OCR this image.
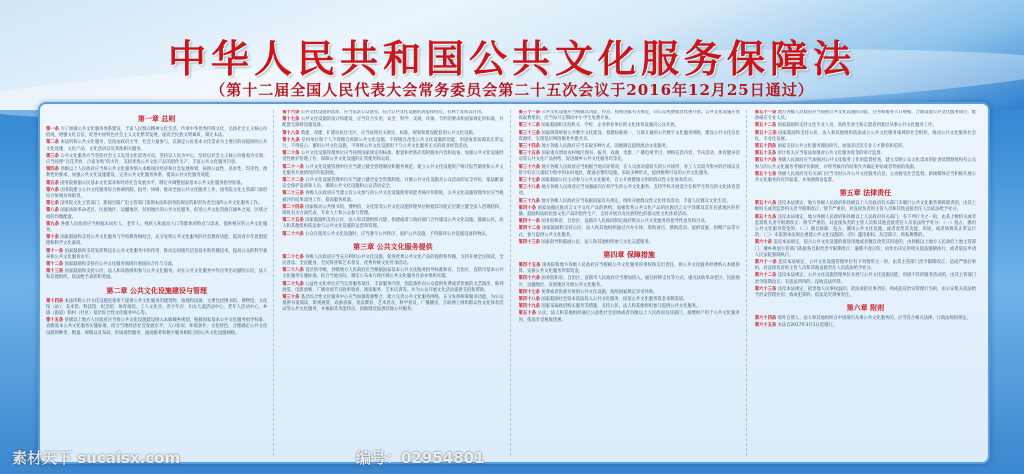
中华人民共和国公共文化服务保障法
（第十二届全国人民代表大会常务委员会第二十五次会议于2016年12月25日通过）
第一章 总则

第一条 为了加强公共文化服务体系建设，丰富人民群众精神文化生活，传承中华优秀传统文化，弘扬社会主义核心价值观，增强文化自信，促进中国特色社会主义文化繁荣发展，提高全民族文明素质，制定本法。

第二条 本法所称公共文化服务，是指由政府主导、社会力量参与，以满足公民基本文化需求为主要目的而提供的公共文化设施、文化产品、文化活动以及其他相关服务。

第三条 公共文化服务应当坚持社会主义先进文化前进方向，坚持以人民为中心，坚持以社会主义核心价值观为引领；应当按照“百花齐放、百家争鸣”的方针，支持优秀公共文化产品的创作生产，丰富公共文化服务内容。

第四条 县级以上人民政府应当将公共文化服务纳入本级国民经济和社会发展规划，按照公益性、基本性、均等性、便利性的要求，加强公共文化设施建设，完善公共文化服务体系，提高公共文化服务效能。

第五条 国务院根据公民基本文化需求和经济社会发展水平，制定并调整国家基本公共文化服务指导标准。

第六条 国务院建立公共文化服务综合协调机制，指导、协调、推动全国公共文化服务工作。国务院文化主管部门承担综合协调具体职责。

第七条 国务院文化主管部门、新闻出版广电主管部门依照本法和国务院规定的职责负责全国的公共文化服务工作。

第八条 国家扶助革命老区、民族地区、边疆地区、贫困地区的公共文化服务，促进公共文化资源在城乡之间、区域之间的均衡配置。

第九条 各级人民政府应当根据未成年人、老年人、残疾人和流动人口等群体的特点与需求，提供相应的公共文化服务。

第十条 国家鼓励和支持公共文化服务与学校教育相结合，充分发挥公共文化服务的社会教育功能，提高青少年思想道德和科学文化素质。

第十一条 国家鼓励和支持发挥科技在公共文化服务中的作用，推动运用现代信息技术和传播技术，提高公众的科学素养和公共文化服务水平。

第十二条 国家鼓励和支持在公共文化服务领域开展国际合作与交流。

第十三条 国家鼓励和支持公民、法人和其他组织参与公共文化服务。对在公共文化服务中作出突出贡献的公民、法人和其他组织，依法给予表彰和奖励。

第二章 公共文化设施建设与管理

第十四条 本法所称公共文化设施是指用于提供公共文化服务的建筑物、场地和设备，主要包括图书馆、博物馆、文化馆（站）、美术馆、科技馆、纪念馆、体育场馆、工人文化宫、青少年宫、妇女儿童活动中心、老年人活动中心、乡镇（街道）和村（社区）基层综合性文化服务中心等。

第十五条 县级以上地方人民政府应当将公共文化设施建设纳入本级城乡规划，根据国家基本公共文化服务指导标准、省级基本公共文化服务实施标准，结合当地经济社会发展水平、人口状况、环境条件、文化特色，合理确定公共文化设施的种类、数量、规模以及布局，形成场馆服务、流动服务和数字服务相结合的公共文化设施网络。

第十六条 公共文化设施的选址，应当征求公众意见，符合公共文化设施的功能和特点，有利于发挥其作用。

第十七条 公共文化设施的设计和建设，应当符合实用、安全、科学、美观、环保、节约的要求和国家规定的标准，并配置无障碍设施设备。

第十八条 新建、改建、扩建居民住宅区，应当按照有关规定、标准，规划和建设配套的公共文化设施。

第十九条 任何单位和个人不得擅自拆除公共文化设施，不得擅自改变公共文化设施的功能、用途或者妨碍其正常运行，不得侵占、挪用公共文化设施，不得将公共文化设施用于与公共文化服务无关的商业经营活动。

第二十条 公共文化设施管理单位应当按照国家规定的标准，配置和更新必需的服务内容和设备，加强公共文化设施经常性维护管理工作，保障公共文化设施的正常使用和运转。

第二十一条 公共文化设施管理单位应当建立健全管理制度和服务规范，建立公共文化设施资产统计报告制度和公共文化服务开展情况的年报制度。

第二十二条 公共文化设施管理单位应当建立健全安全管理制度，开展公共文化设施及公众活动的安全评价，依法配备安全保护设备和人员，保障公共文化设施和公众活动安全。

第二十三条 各级人民政府应当建立有公众参与的公共文化设施使用效能考核评价制度，公共文化设施管理单位应当根据评价结果改进工作，提高服务质量。

第二十四条 国家推动公共图书馆、博物馆、文化馆等公共文化设施管理单位根据其功能定位建立健全法人治理结构，吸收有关方面代表、专业人士和公众参与管理。

第二十五条 国家鼓励和支持公民、法人和其他组织兴建、捐建或者与政府部门合作建设公共文化设施，鼓励公民、法人和其他组织依法参与公共文化设施的运营和管理。

第二十六条 公众在使用公共文化设施时，应当遵守公共秩序，爱护公共设施，不得损坏公共设施设备和物品。

第三章 公共文化服务提供

第二十七条 各级人民政府应当充分利用公共文化设施，促进优秀公共文化产品的提供和传播，支持开展全民阅读、全民普法、全民健身、全民科普和艺术普及、优秀传统文化传承活动。

第二十八条 设区的市级、县级地方人民政府应当根据国家基本公共文化服务指导标准和省、自治区、直辖市基本公共文化服务实施标准，结合当地实际，制定公布本行政区域公共文化服务目录并组织实施。

第二十九条 公益性文化单位应当完善服务项目、丰富服务内容，创造条件向公众提供免费或者优惠的文艺演出、陈列展览、电影放映、广播电视节目收听收看、阅读服务、艺术培训等，并为公众开展文化活动提供支持和帮助。

第三十条 基层综合性文化服务中心应当加强资源整合，建立完善公共文化服务网络，充分发挥统筹服务功能，为公众提供书报阅读、影视观赏、戏曲表演、普法教育、艺术普及、科学普及、广播播送、互联网上网和群众性文化体育活动等公共文化服务，并根据其功能特点，因地制宜提供其他公共服务。

第三十一条 公共文化设施应当根据其功能、特点，按照国家有关规定，向公众免费或者优惠开放。公共文化设施开放收取费用的，应当每月定期向中小学生免费开放。

第三十二条 国家鼓励和支持机关、学校、企业事业单位的文化体育设施向公众开放。

第三十三条 国家统筹规划公共数字文化建设，构建标准统一、互联互通的公共数字文化服务网络，建设公共文化信息资源库，实现基层网络服务共建共享。

第三十四条 地方各级人民政府应当采取多种方式，因地制宜提供流动文化服务。

第三十五条 国家重点增加农村地区图书、报刊、戏曲、电影、广播电视节目、网络信息内容、节庆活动、体育健身活动等公共文化产品供给，促进城乡公共文化服务均等化。

第三十六条 地方各级人民政府应当根据当地实际情况，在人员流动量较大的公共场所、务工人员较为集中的区域以及留守妇女儿童较为集中的农村地区，配备必要的设施，采取多种形式，提供便利可及的公共文化服务。

第三十七条 国家鼓励公民主动参与公共文化服务，自主开展健康文明的群众性文化体育活动。

第三十八条 地方各级人民政府应当加强面向在校学生的公共文化服务，支持学校开展适合在校学生特点的文化体育活动。

第三十九条 地方各级人民政府应当依据国家有关规定，组织开展群众性文化体育活动，丰富人民群众文化生活。

第四十条 国家加强民族语言文字文化产品的供给，加强优秀公共文化产品的民族语言文字译制及其在民族地区的传播，鼓励和扶助民族文化产品的创作生产，支持开展具有民族特色的群众性文化体育活动。

第四十一条 国务院和省、自治区、直辖市人民政府制定政府购买公共文化服务的指导性意见和目录。

第四十二条 国家鼓励和支持公民、法人和其他组织通过兴办实体、资助项目、赞助活动、提供设施、捐赠产品等方式，参与提供公共文化服务。

第四十三条 国家倡导和鼓励公民、法人和其他组织参与文化志愿服务。

第四章 保障措施

第四十五条 国务院和地方各级人民政府应当根据公共文化服务的事权和支出责任，将公共文化服务经费纳入本级预算，安排公共文化服务所需资金。

第四十六条 国务院和省、自治区、直辖市人民政府应当增加投入，通过转移支付等方式，重点扶助革命老区、民族地区、边疆地区、贫困地区开展公共文化服务。

第四十七条 免费或者优惠开放的公共文化设施，按照国家规定享受补助。

第四十八条 国家鼓励社会资本依法投入公共文化服务，拓宽公共文化服务资金来源渠道。

第四十九条 国家采取政府购买服务等措施，支持公民、法人和其他组织参与提供公共文化服务。

第五十条 公民、法人和其他组织通过公益性社会团体或者县级以上人民政府及其部门，捐赠财产用于公共文化服务的，依法享受税收优惠。

第五十一条 地方各级人民政府应当按照公共文化设施的功能、任务和服务人口规模，合理设置公共文化服务岗位，配备相应专业人员。

第五十二条 国家鼓励和支持文化专业人员、高校毕业生和志愿者到基层从事公共文化服务工作。

第五十三条 国家鼓励和支持公民、法人和其他组织依法成立公共文化服务领域的社会组织，推动公共文化服务社会化、专业化发展。

第五十四条 国家支持公共文化服务理论研究，加强多层次专业人才教育和培训。

第五十五条 审计机关应当依法加强对公共文化服务资金的审计监督。

第五十六条 各级人民政府应当加强对公共文化服务工作的监督检查，建立反映公众文化需求的征询反馈制度和有公众参与的公共文化服务考核评价制度，并将考核评价结果作为确定补贴或者奖励的依据。

第五十七条 各级人民政府及有关部门应当及时公开公共文化服务信息，主动接受社会监督。新闻媒体应当积极开展公共文化服务的宣传报道，并加强舆论监督。

第五章 法律责任

第五十八条 违反本法规定，地方各级人民政府和县级以上人民政府有关部门未履行公共文化服务保障职责的，由其上级机关或者监察机关责令限期改正；情节严重的，对直接负责的主管人员和其他直接责任人员依法给予处分。

第五十九条 违反本法规定，地方各级人民政府和县级以上人民政府有关部门，有下列行为之一的，由其上级机关或者监察机关责令限期改正；情节严重的，对直接负责的主管人员和其他直接责任人员依法给予处分：（一）侵占、挪用公共文化服务资金的；（二）擅自拆除、侵占、挪用公共文化设施，或者改变其功能、用途，或者妨碍其正常运行的；（三）未依照本法规定重建公共文化设施的；（四）滥用职权、玩忽职守、徇私舞弊的。

第六十条 违反本法规定，侵占公共文化设施的建设用地或者擅自改变其用途的，由县级以上地方人民政府土地主管部门、城乡规划主管部门依据各自职责责令限期改正；逾期不改正的，由作出决定的机关依法强制执行，或者依法申请人民法院强制执行。

第六十一条 违反本法规定，公共文化设施管理单位有下列情形之一的，由其主管部门责令限期改正；造成严重后果的，对直接负责的主管人员和其他直接责任人员依法给予处分。

第六十二条 违反本法规定，公共文化设施管理单位开展与公共文化设施功能、用途不符的服务活动的，由其主管部门责令限期改正；有违法所得的，没收违法所得。

第六十三条 违反本法规定，损害他人民事权益的，依法承担民事责任；构成违反治安管理行为的，由公安机关依法给予治安管理处罚；构成犯罪的，依法追究刑事责任。

第六章 附则

第六十四条 境外自然人、法人和其他组织在中国境内从事公共文化服务的，应当符合相关法律、行政法规的规定。

第六十五条 本法自2017年3月1日起施行。

素材天下 sucaisx.com	编号：02954801
